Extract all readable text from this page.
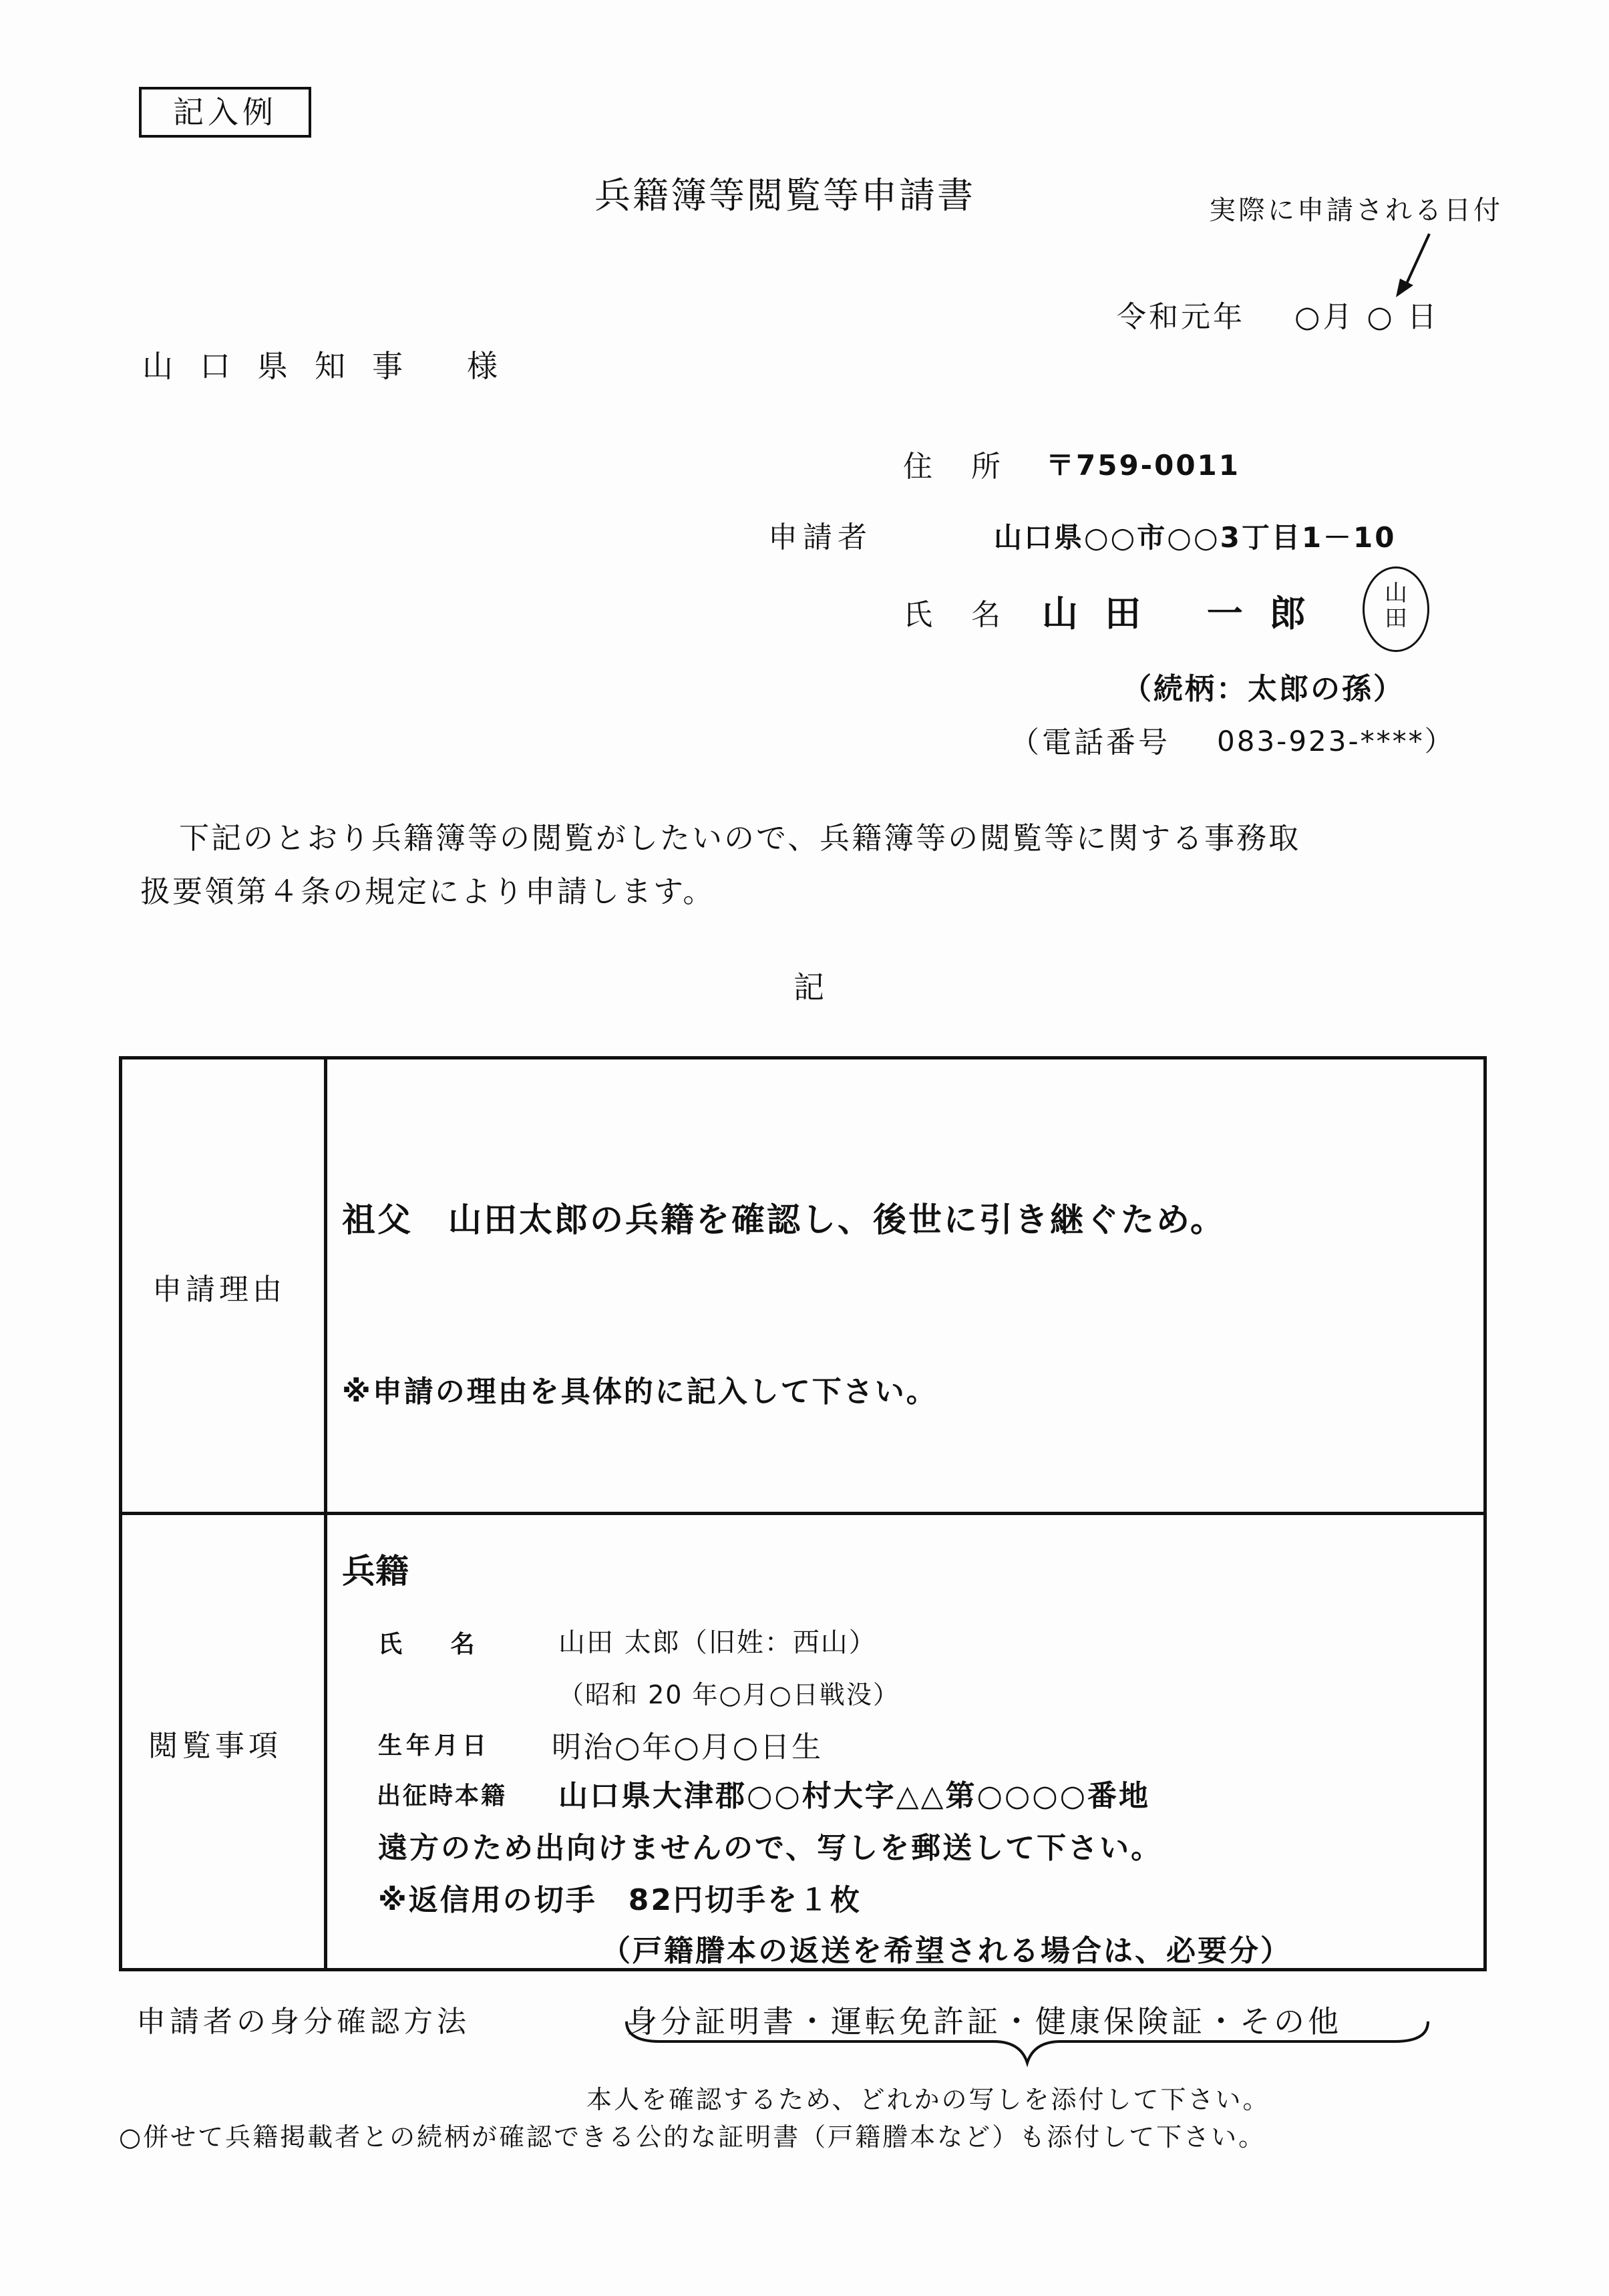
記入例
兵籍簿等閲覧等申請書	実際に申請される日付
令和元年 ○月 ○ 日
山口県知事 様
住 所 〒759-0011
申請者	山口県○○市○○3丁目1－10
氏 名 山田 一郎	山
田
（続柄：太郎の孫）
（電話番号 083-923-****）
下記のとおり兵籍簿等の閲覧がしたいので、兵籍簿等の閲覧等に関する事務取
扱要領第４条の規定により申請します。
記
申請理由
祖父　山田太郎の兵籍を確認し、後世に引き継ぐため。
※申請の理由を具体的に記入して下さい。
閲覧事項
兵籍
氏 名 山田 太郎（旧姓：西山）
（昭和 20 年○月○日戦没）
生年月日 明治○年○月○日生
出征時本籍 山口県大津郡○○村大字△△第○○○○番地
遠方のため出向けませんので、写しを郵送して下さい。
※返信用の切手　82円切手を１枚
（戸籍謄本の返送を希望される場合は、必要分）
申請者の身分確認方法	身分証明書・運転免許証・健康保険証・その他
本人を確認するため、どれかの写しを添付して下さい。
○併せて兵籍掲載者との続柄が確認できる公的な証明書（戸籍謄本など）も添付して下さい。
